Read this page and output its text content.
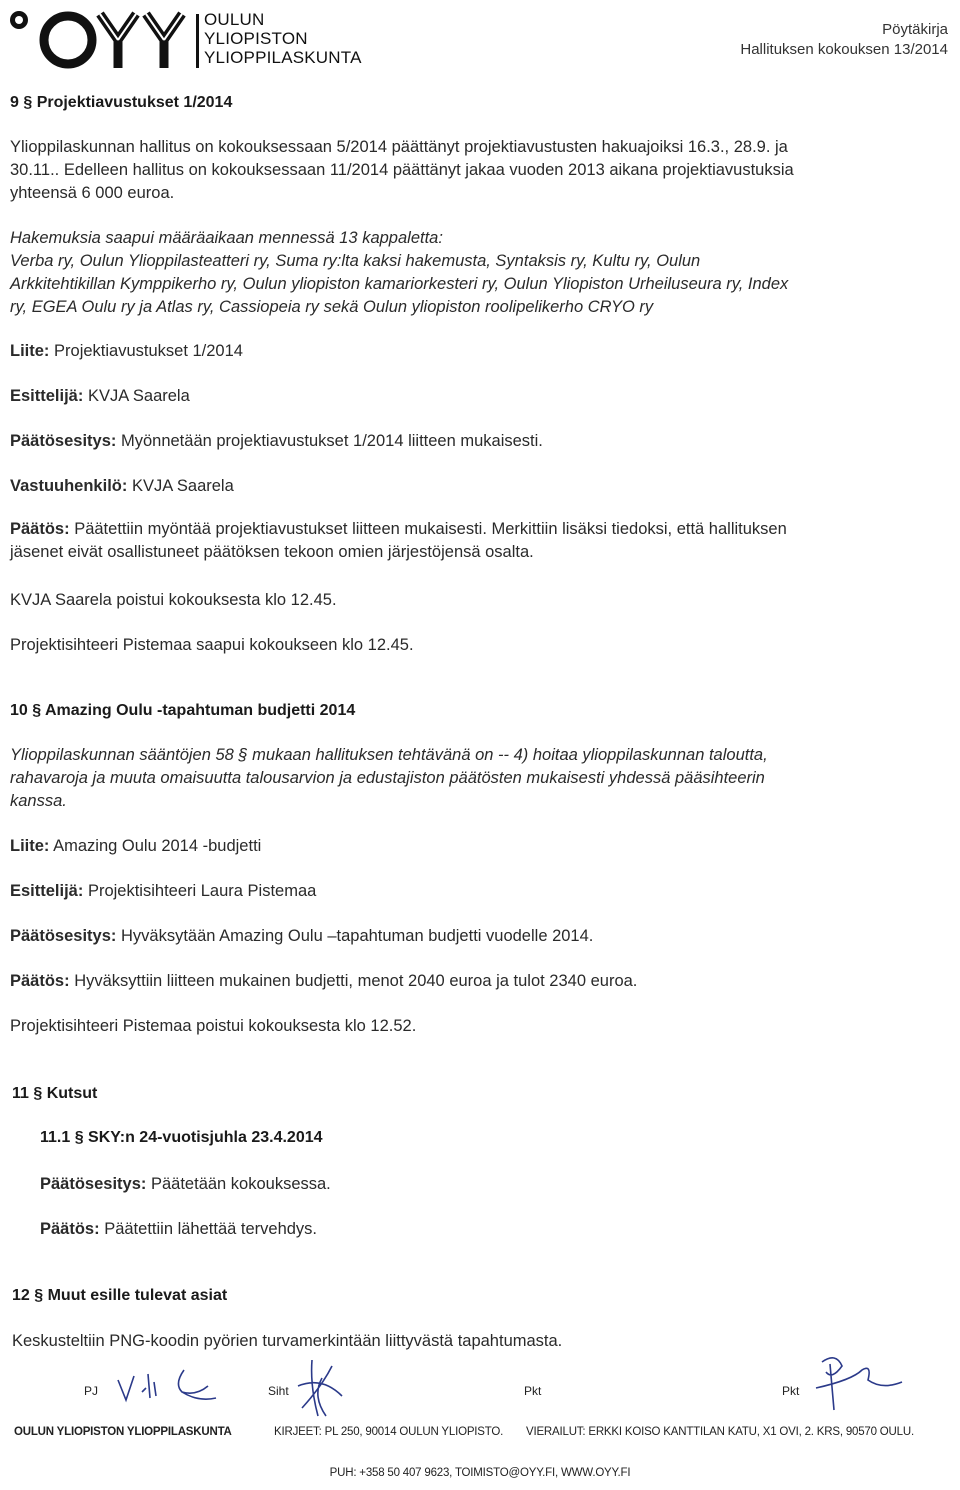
OULUN
YLIOPISTON
YLIOPPILASKUNTA
Pöytäkirja
Hallituksen kokouksen 13/2014
9 § Projektiavustukset 1/2014
Ylioppilaskunnan hallitus on kokouksessaan 5/2014 päättänyt projektiavustusten hakuajoiksi 16.3., 28.9. ja
30.11.. Edelleen hallitus on kokouksessaan 11/2014 päättänyt jakaa vuoden 2013 aikana projektiavustuksia
yhteensä 6 000 euroa.
Hakemuksia saapui määräaikaan mennessä 13 kappaletta:
Verba ry, Oulun Ylioppilasteatteri ry, Suma ry:lta kaksi hakemusta, Syntaksis ry, Kultu ry, Oulun
Arkkitehtikillan Kymppikerho ry, Oulun yliopiston kamariorkesteri ry, Oulun Yliopiston Urheiluseura ry, Index
ry, EGEA Oulu ry ja Atlas ry, Cassiopeia ry sekä Oulun yliopiston roolipelikerho CRYO ry
Liite: Projektiavustukset 1/2014
Esittelijä: KVJA Saarela
Päätösesitys: Myönnetään projektiavustukset 1/2014 liitteen mukaisesti.
Vastuuhenkilö: KVJA Saarela
Päätös: Päätettiin myöntää projektiavustukset liitteen mukaisesti. Merkittiin lisäksi tiedoksi, että hallituksen
jäsenet eivät osallistuneet päätöksen tekoon omien järjestöjensä osalta.
KVJA Saarela poistui kokouksesta klo 12.45.
Projektisihteeri Pistemaa saapui kokoukseen klo 12.45.
10 § Amazing Oulu -tapahtuman budjetti 2014
Ylioppilaskunnan sääntöjen 58 § mukaan hallituksen tehtävänä on -- 4) hoitaa ylioppilaskunnan taloutta,
rahavaroja ja muuta omaisuutta talousarvion ja edustajiston päätösten mukaisesti yhdessä pääsihteerin
kanssa.
Liite: Amazing Oulu 2014 -budjetti
Esittelijä: Projektisihteeri Laura Pistemaa
Päätösesitys: Hyväksytään Amazing Oulu –tapahtuman budjetti vuodelle 2014.
Päätös: Hyväksyttiin liitteen mukainen budjetti, menot 2040 euroa ja tulot 2340 euroa.
Projektisihteeri Pistemaa poistui kokouksesta klo 12.52.
11 § Kutsut
11.1 § SKY:n 24-vuotisjuhla 23.4.2014
Päätösesitys: Päätetään kokouksessa.
Päätös: Päätettiin lähettää tervehdys.
12 § Muut esille tulevat asiat
Keskusteltiin PNG-koodin pyörien turvamerkintään liittyvästä tapahtumasta.
PJ	Siht	Pkt	Pkt
OULUN YLIOPISTON YLIOPPILASKUNTA	KIRJEET: PL 250, 90014 OULUN YLIOPISTO. VIERAILUT: ERKKI KOISO KANTTILAN KATU, X1 OVI, 2. KRS, 90570 OULU.
PUH: +358 50 407 9623, TOIMISTO@OYY.FI, WWW.OYY.FI
